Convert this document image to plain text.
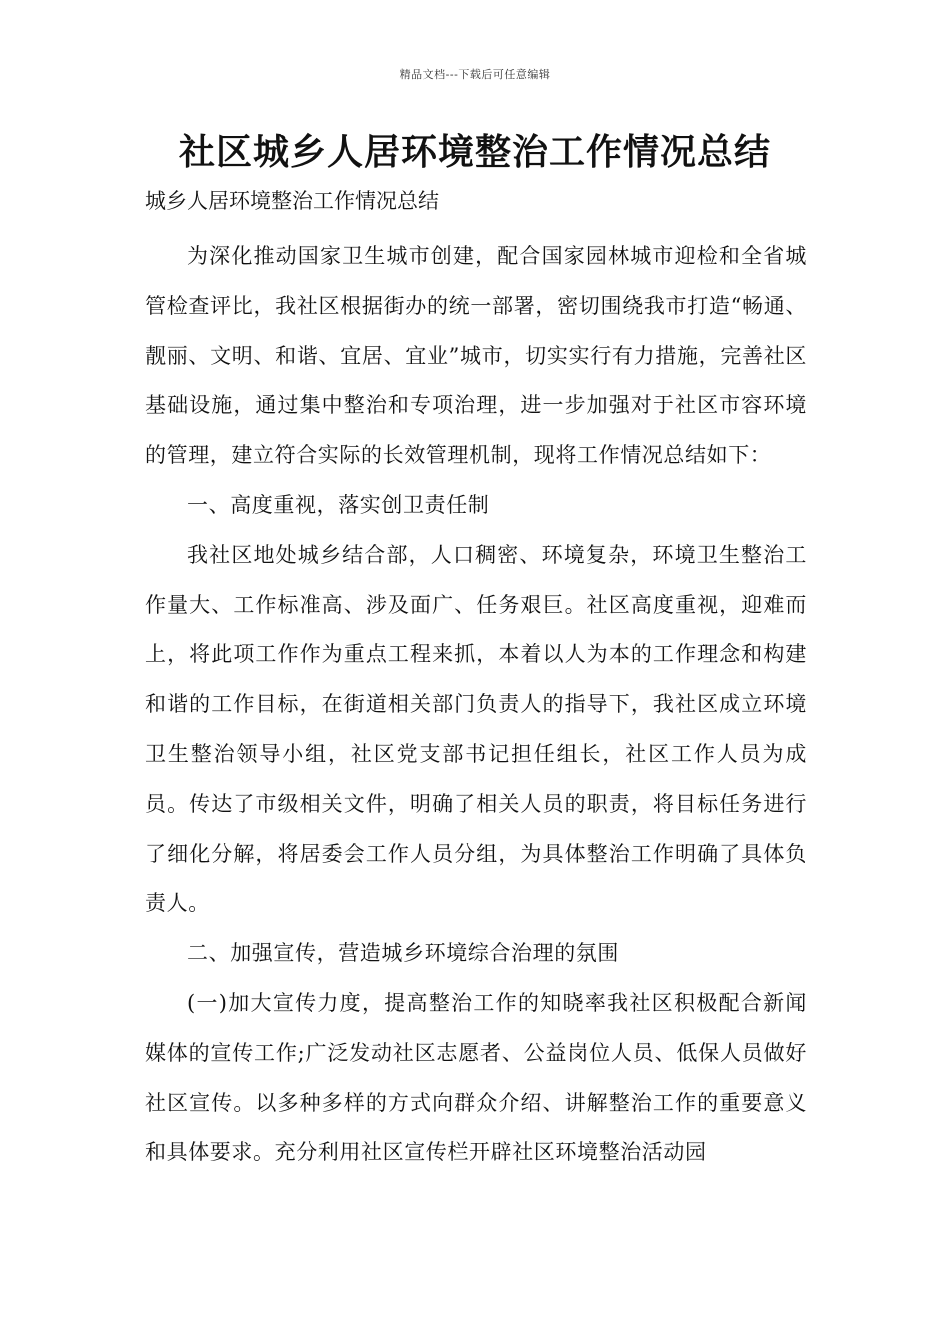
精品文档---下载后可任意编辑
社区城乡人居环境整治工作情况总结

城乡人居环境整治工作情况总结

为深化推动国家卫生城市创建，配合国家园林城市迎检和全省城管检查评比，我社区根据街办的统一部署，密切围绕我市打造“畅通、靓丽、文明、和谐、宜居、宜业”城市，切实实行有力措施，完善社区基础设施，通过集中整治和专项治理，进一步加强对于社区市容环境的管理，建立符合实际的长效管理机制，现将工作情况总结如下：

一、高度重视，落实创卫责任制

我社区地处城乡结合部，人口稠密、环境复杂，环境卫生整治工作量大、工作标准高、涉及面广、任务艰巨。社区高度重视，迎难而上，将此项工作作为重点工程来抓，本着以人为本的工作理念和构建和谐的工作目标，在街道相关部门负责人的指导下，我社区成立环境卫生整治领导小组，社区党支部书记担任组长，社区工作人员为成员。传达了市级相关文件，明确了相关人员的职责，将目标任务进行了细化分解，将居委会工作人员分组，为具体整治工作明确了具体负责人。

二、加强宣传，营造城乡环境综合治理的氛围

(一)加大宣传力度，提高整治工作的知晓率我社区积极配合新闻媒体的宣传工作;广泛发动社区志愿者、公益岗位人员、低保人员做好社区宣传。以多种多样的方式向群众介绍、讲解整治工作的重要意义和具体要求。充分利用社区宣传栏开辟社区环境整治活动园
